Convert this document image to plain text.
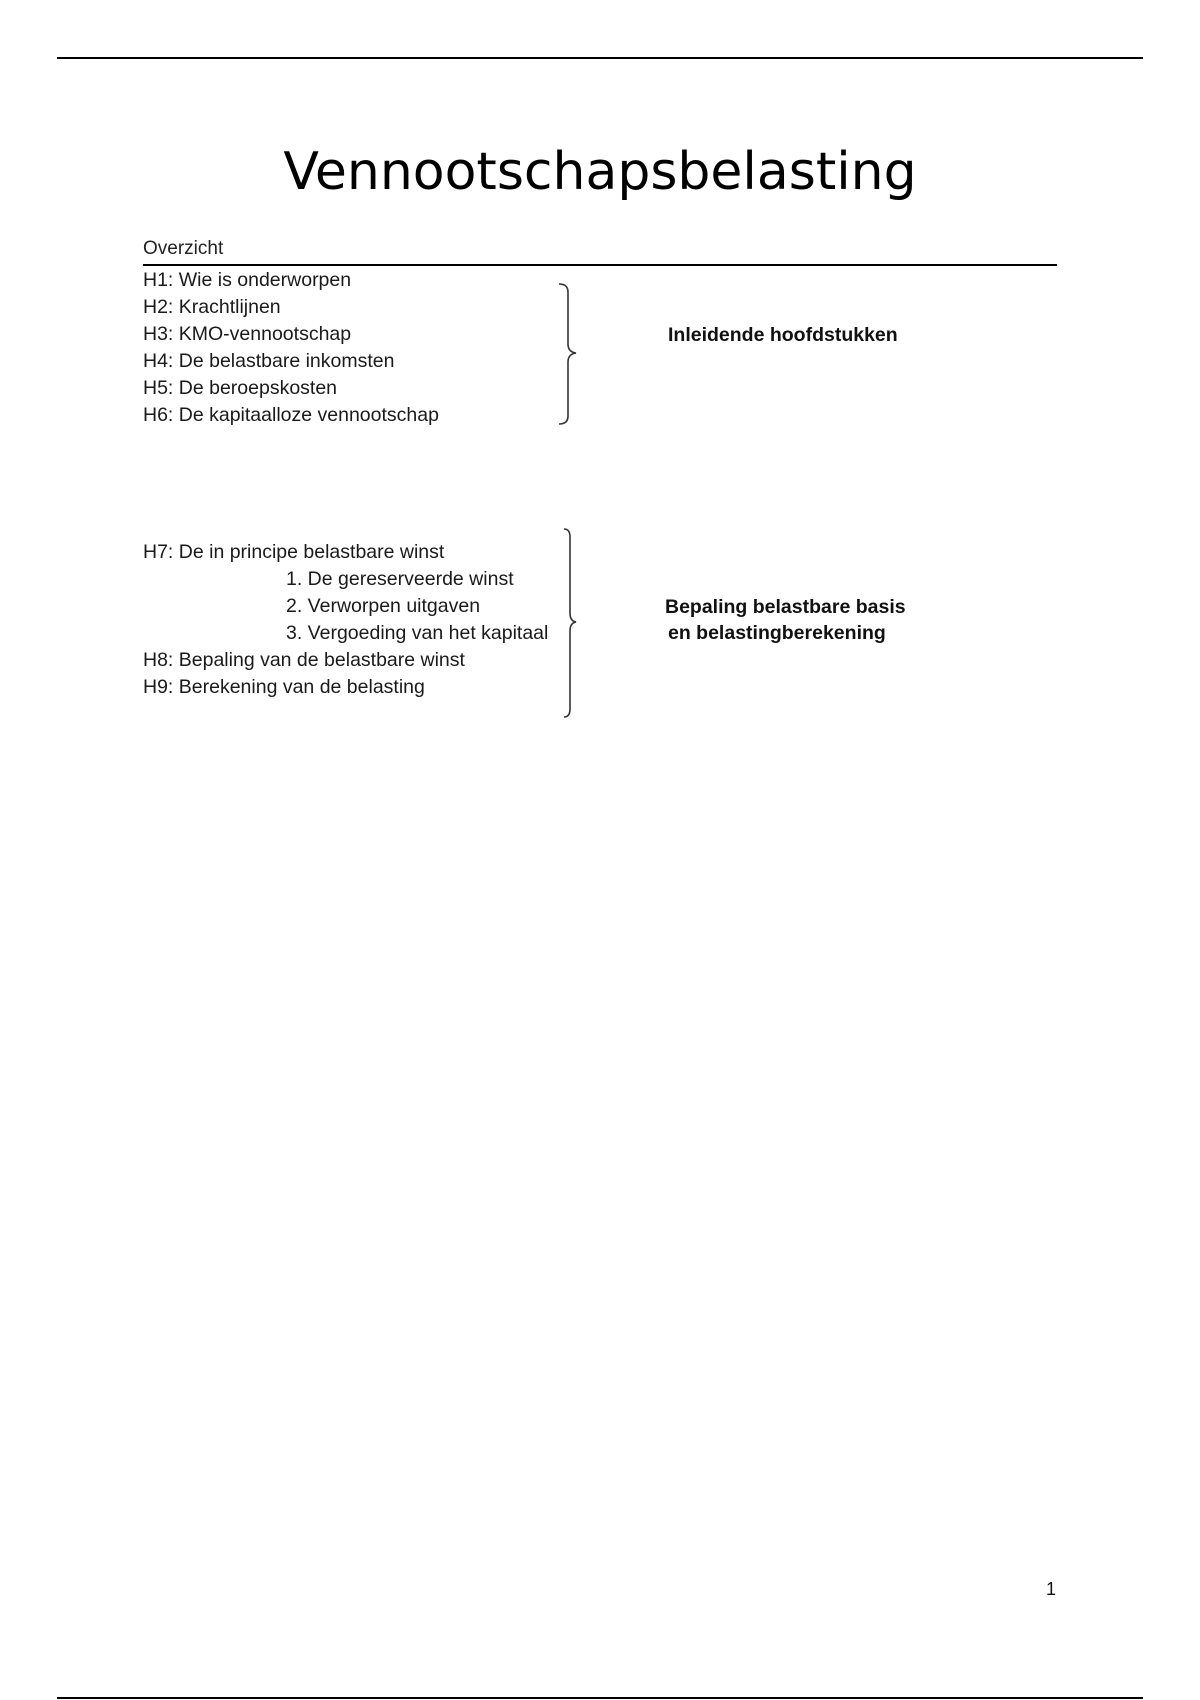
Vennootschapsbelasting
Overzicht
H1: Wie is onderworpen
H2: Krachtlijnen
H3: KMO-vennootschap
H4: De belastbare inkomsten
H5: De beroepskosten
H6: De kapitaalloze vennootschap
Inleidende hoofdstukken
H7: De in principe belastbare winst
1. De gereserveerde winst
2. Verworpen uitgaven
3. Vergoeding van het kapitaal
H8: Bepaling van de belastbare winst
H9: Berekening van de belasting
Bepaling belastbare basis
en belastingberekening
1
